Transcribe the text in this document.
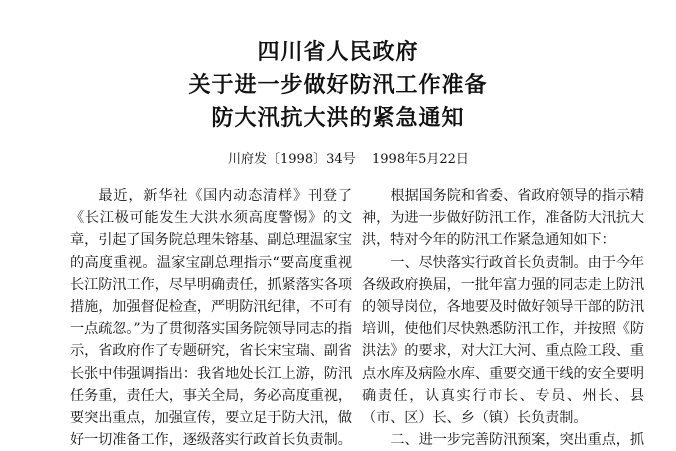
四川省人民政府
关于进一步做好防汛工作准备
防大汛抗大洪的紧急通知
川府发〔1998〕34号 1998年5月22日

最近，新华社《国内动态清样》刊登了《长江极可能发生大洪水须高度警惕》的文章，引起了国务院总理朱镕基、副总理温家宝的高度重视。温家宝副总理指示“要高度重视长江防汛工作，尽早明确责任，抓紧落实各项措施，加强督促检查，严明防汛纪律，不可有一点疏忽。”为了贯彻落实国务院领导同志的指示，省政府作了专题研究，省长宋宝瑞、副省长张中伟强调指出：我省地处长江上游，防汛任务重，责任大，事关全局，务必高度重视，要突出重点，加强宣传，要立足于防大汛，做好一切准备工作，逐级落实行政首长负责制。

根据国务院和省委、省政府领导的指示精神，为进一步做好防汛工作，准备防大汛抗大洪，特对今年的防汛工作紧急通知如下：

一、尽快落实行政首长负责制。由于今年各级政府换届，一批年富力强的同志走上防汛的领导岗位，各地要及时做好领导干部的防汛培训，使他们尽快熟悉防汛工作，并按照《防洪法》的要求，对大江大河、重点险工段、重点水库及病险水库、重要交通干线的安全要明确责任，认真实行市长、专员、州长、县（市、区）长、乡（镇）长负责制。

二、进一步完善防汛预案，突出重点，抓
